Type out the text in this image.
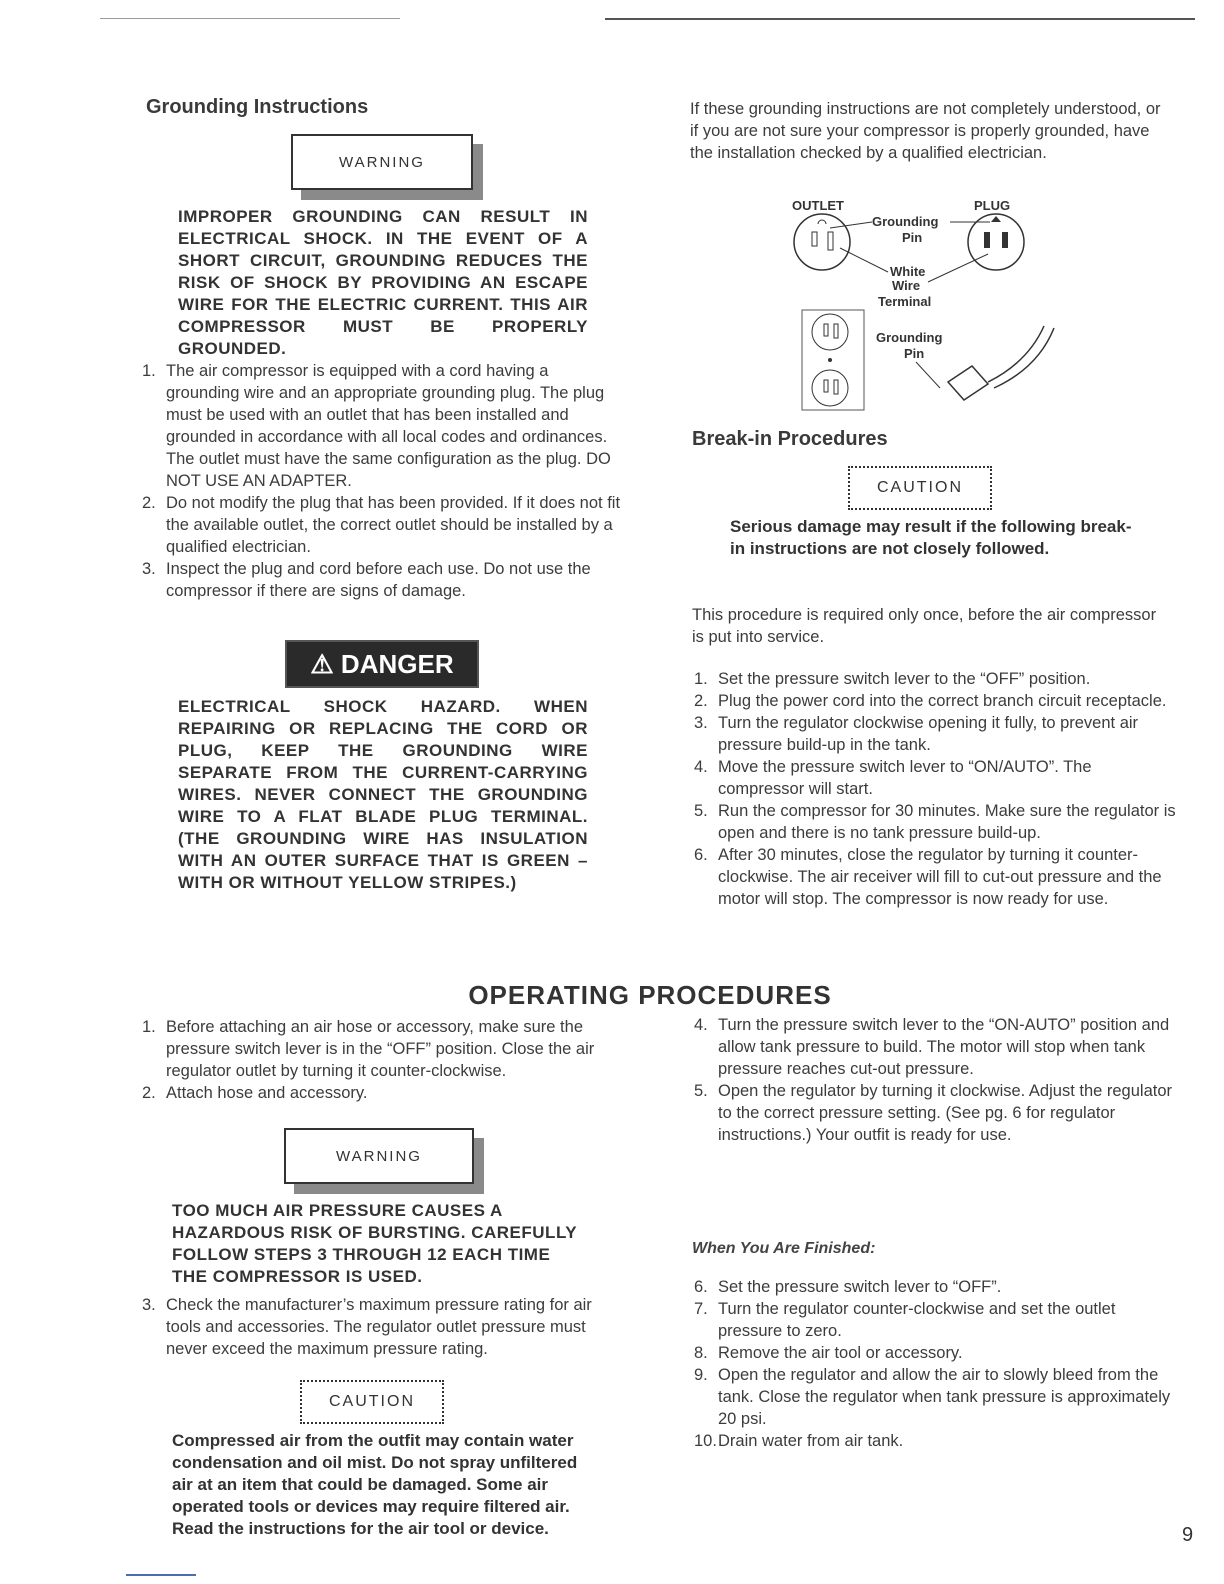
Grounding Instructions
WARNING
IMPROPER GROUNDING CAN RESULT IN ELECTRICAL SHOCK. IN THE EVENT OF A SHORT CIRCUIT, GROUNDING REDUCES THE RISK OF SHOCK BY PROVIDING AN ESCAPE WIRE FOR THE ELECTRIC CURRENT. THIS AIR COMPRESSOR MUST BE PROPERLY GROUNDED.
1. The air compressor is equipped with a cord having a grounding wire and an appropriate grounding plug. The plug must be used with an outlet that has been installed and grounded in accordance with all local codes and ordinances. The outlet must have the same configuration as the plug. DO NOT USE AN ADAPTER.
2. Do not modify the plug that has been provided. If it does not fit the available outlet, the correct outlet should be installed by a qualified electrician.
3. Inspect the plug and cord before each use. Do not use the compressor if there are signs of damage.
⚠ DANGER
ELECTRICAL SHOCK HAZARD. WHEN REPAIRING OR REPLACING THE CORD OR PLUG, KEEP THE GROUNDING WIRE SEPARATE FROM THE CURRENT-CARRYING WIRES. NEVER CONNECT THE GROUNDING WIRE TO A FLAT BLADE PLUG TERMINAL. (THE GROUNDING WIRE HAS INSULATION WITH AN OUTER SURFACE THAT IS GREEN – WITH OR WITHOUT YELLOW STRIPES.)
If these grounding instructions are not completely understood, or if you are not sure your compressor is properly grounded, have the installation checked by a qualified electrician.
OUTLET	PLUG
Grounding
Pin
White
Wire
Terminal
Grounding
Pin
Break-in Procedures
CAUTION
Serious damage may result if the following break-in instructions are not closely followed.
This procedure is required only once, before the air compressor is put into service.
1. Set the pressure switch lever to the “OFF” position.
2. Plug the power cord into the correct branch circuit receptacle.
3. Turn the regulator clockwise opening it fully, to prevent air pressure build-up in the tank.
4. Move the pressure switch lever to “ON/AUTO”. The compressor will start.
5. Run the compressor for 30 minutes. Make sure the regulator is open and there is no tank pressure build-up.
6. After 30 minutes, close the regulator by turning it counter-clockwise. The air receiver will fill to cut-out pressure and the motor will stop. The compressor is now ready for use.
OPERATING PROCEDURES
1. Before attaching an air hose or accessory, make sure the pressure switch lever is in the “OFF” position. Close the air regulator outlet by turning it counter-clockwise.
2. Attach hose and accessory.
WARNING
TOO MUCH AIR PRESSURE CAUSES A HAZARDOUS RISK OF BURSTING. CAREFULLY FOLLOW STEPS 3 THROUGH 12 EACH TIME THE COMPRESSOR IS USED.
3. Check the manufacturer’s maximum pressure rating for air tools and accessories. The regulator outlet pressure must never exceed the maximum pressure rating.
CAUTION
Compressed air from the outfit may contain water condensation and oil mist. Do not spray unfiltered air at an item that could be damaged. Some air operated tools or devices may require filtered air. Read the instructions for the air tool or device.
4. Turn the pressure switch lever to the “ON-AUTO” position and allow tank pressure to build. The motor will stop when tank pressure reaches cut-out pressure.
5. Open the regulator by turning it clockwise. Adjust the regulator to the correct pressure setting. (See pg. 6 for regulator instructions.) Your outfit is ready for use.
When You Are Finished:
6. Set the pressure switch lever to “OFF”.
7. Turn the regulator counter-clockwise and set the outlet pressure to zero.
8. Remove the air tool or accessory.
9. Open the regulator and allow the air to slowly bleed from the tank. Close the regulator when tank pressure is approximately 20 psi.
10. Drain water from air tank.
9
